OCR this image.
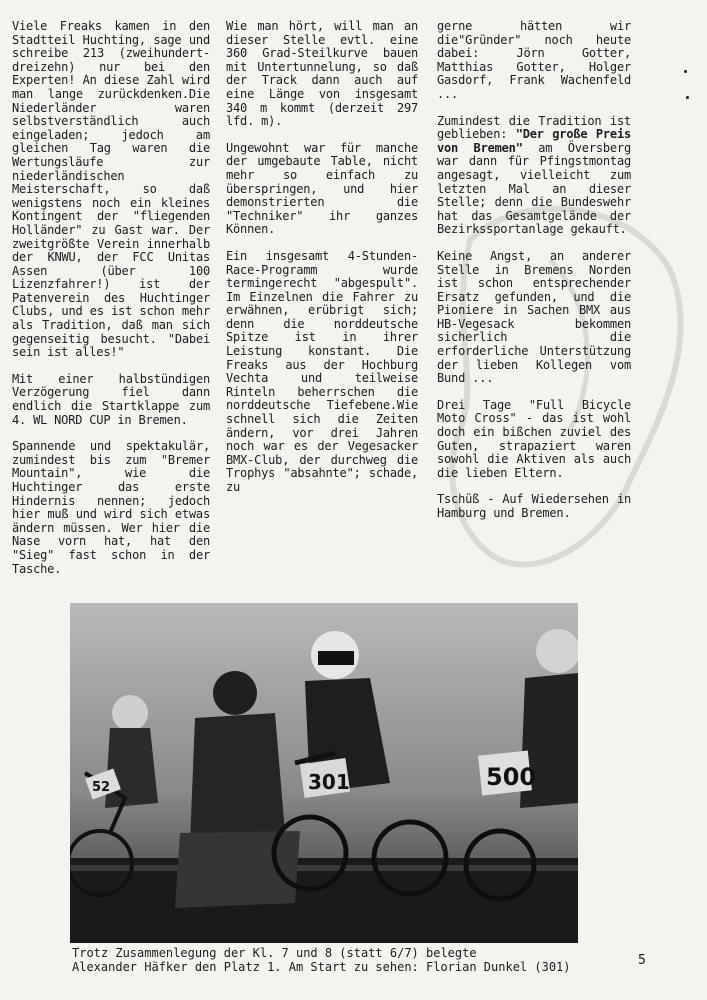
Viele Freaks kamen in den Stadtteil Huchting, sage und schreibe 213 (zweihundert-dreizehn) nur bei den Experten! An diese Zahl wird man lange zurückdenken.Die Niederländer waren selbstverständlich auch eingeladen; jedoch am gleichen Tag waren die Wertungsläufe zur niederländischen Meisterschaft, so daß wenigstens noch ein kleines Kontingent der "fliegenden Holländer" zu Gast war. Der zweitgrößte Verein innerhalb der KNWU, der FCC Unitas Assen (über 100 Lizenzfahrer!) ist der Patenverein des Huchtinger Clubs, und es ist schon mehr als Tradition, daß man sich gegenseitig besucht. "Dabei sein ist alles!"

Mit einer halbstündigen Verzögerung fiel dann endlich die Startklappe zum 4. WL NORD CUP in Bremen.

Spannende und spektakulär, zumindest bis zum "Bremer Mountain", wie die Huchtinger das erste Hindernis nennen; jedoch hier muß und wird sich etwas ändern müssen. Wer hier die Nase vorn hat, hat den "Sieg" fast schon in der Tasche.

Wie man hört, will man an dieser Stelle evtl. eine 360 Grad-Steilkurve bauen mit Untertunnelung, so daß der Track dann auch auf eine Länge von insgesamt 340 m kommt (derzeit 297 lfd. m).

Ungewohnt war für manche der umgebaute Table, nicht mehr so einfach zu überspringen, und hier demonstrierten die "Techniker" ihr ganzes Können.

Ein insgesamt 4-Stunden-Race-Programm wurde termingerecht "abgespult". Im Einzelnen die Fahrer zu erwähnen, erübrigt sich; denn die norddeutsche Spitze ist in ihrer Leistung konstant. Die Freaks aus der Hochburg Vechta und teilweise Rinteln beherrschen die norddeutsche Tiefebene.Wie schnell sich die Zeiten ändern, vor drei Jahren noch war es der Vegesacker BMX-Club, der durchweg die Trophys "absahnte"; schade, zu

gerne hätten wir die"Gründer" noch heute dabei: Jörn Gotter, Matthias Gotter, Holger Gasdorf, Frank Wachenfeld ...

Zumindest die Tradition ist geblieben: "Der große Preis von Bremen" am Översberg war dann für Pfingstmontag angesagt, vielleicht zum letzten Mal an dieser Stelle; denn die Bundeswehr hat das Gesamtgelände der Bezirkssportanlage gekauft.

Keine Angst, an anderer Stelle in Bremens Norden ist schon entsprechender Ersatz gefunden, und die Pioniere in Sachen BMX aus HB-Vegesack bekommen sicherlich die erforderliche Unterstützung der lieben Kollegen vom Bund ...

Drei Tage "Full Bicycle Moto Cross" - das ist wohl doch ein bißchen zuviel des Guten, strapaziert waren sowohl die Aktiven als auch die lieben Eltern.

Tschüß - Auf Wiedersehen in Hamburg und Bremen.

52	301	500
Trotz Zusammenlegung der Kl. 7 und 8 (statt 6/7) belegte
Alexander Häfker den Platz 1. Am Start zu sehen: Florian Dunkel (301)	5
